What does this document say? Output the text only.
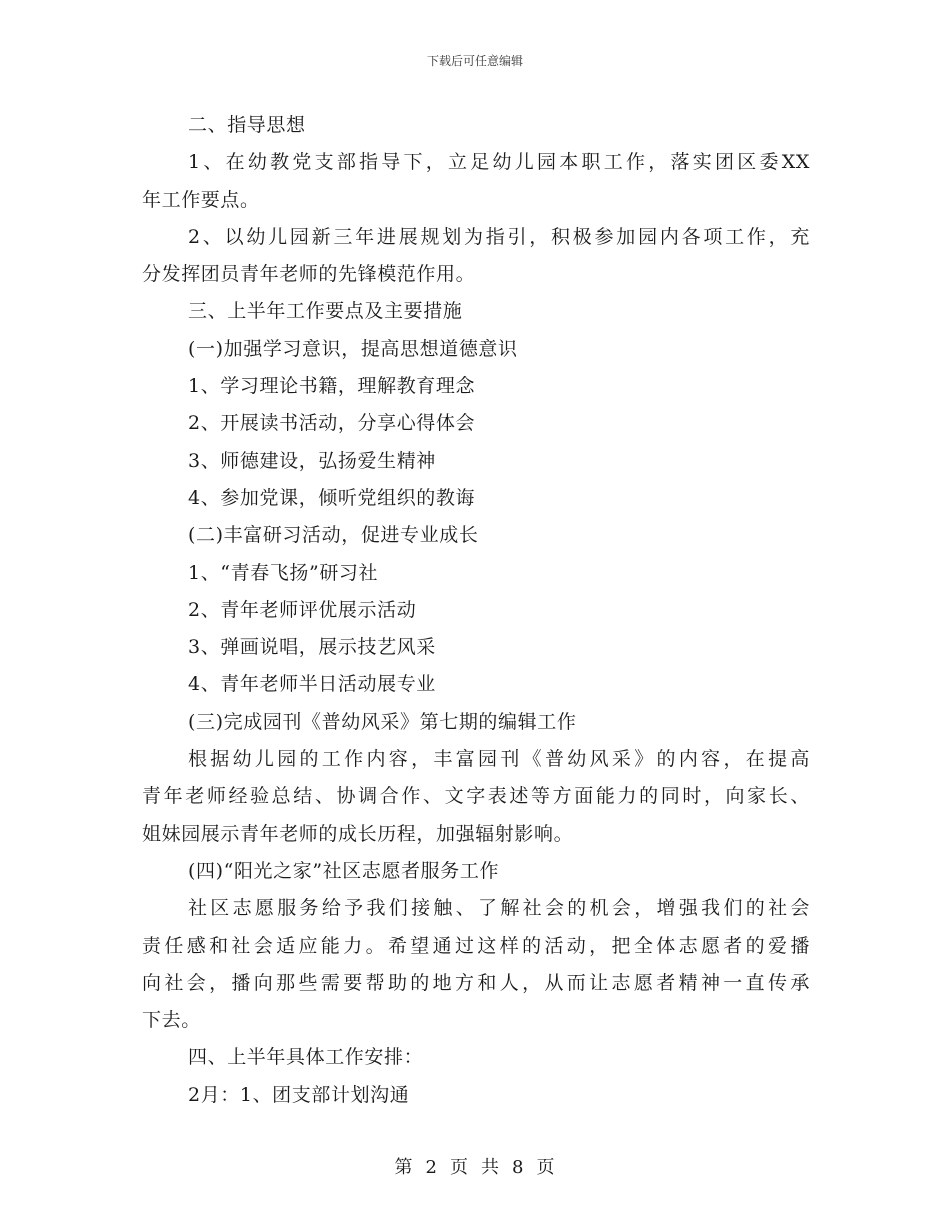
下载后可任意编辑
二、指导思想
1、在幼教党支部指导下，立足幼儿园本职工作，落实团区委XX
年工作要点。
2、以幼儿园新三年进展规划为指引，积极参加园内各项工作，充
分发挥团员青年老师的先锋模范作用。
三、上半年工作要点及主要措施
(一)加强学习意识，提高思想道德意识
1、学习理论书籍，理解教育理念
2、开展读书活动，分享心得体会
3、师德建设，弘扬爱生精神
4、参加党课，倾听党组织的教诲
(二)丰富研习活动，促进专业成长
1、“青春飞扬”研习社
2、青年老师评优展示活动
3、弹画说唱，展示技艺风采
4、青年老师半日活动展专业
(三)完成园刊《普幼风采》第七期的编辑工作
根据幼儿园的工作内容，丰富园刊《普幼风采》的内容，在提高
青年老师经验总结、协调合作、文字表述等方面能力的同时，向家长、
姐妹园展示青年老师的成长历程，加强辐射影响。
(四)“阳光之家”社区志愿者服务工作
社区志愿服务给予我们接触、了解社会的机会，增强我们的社会
责任感和社会适应能力。希望通过这样的活动，把全体志愿者的爱播
向社会，播向那些需要帮助的地方和人，从而让志愿者精神一直传承
下去。
四、上半年具体工作安排：
2月：1、团支部计划沟通
第 2 页 共 8 页
